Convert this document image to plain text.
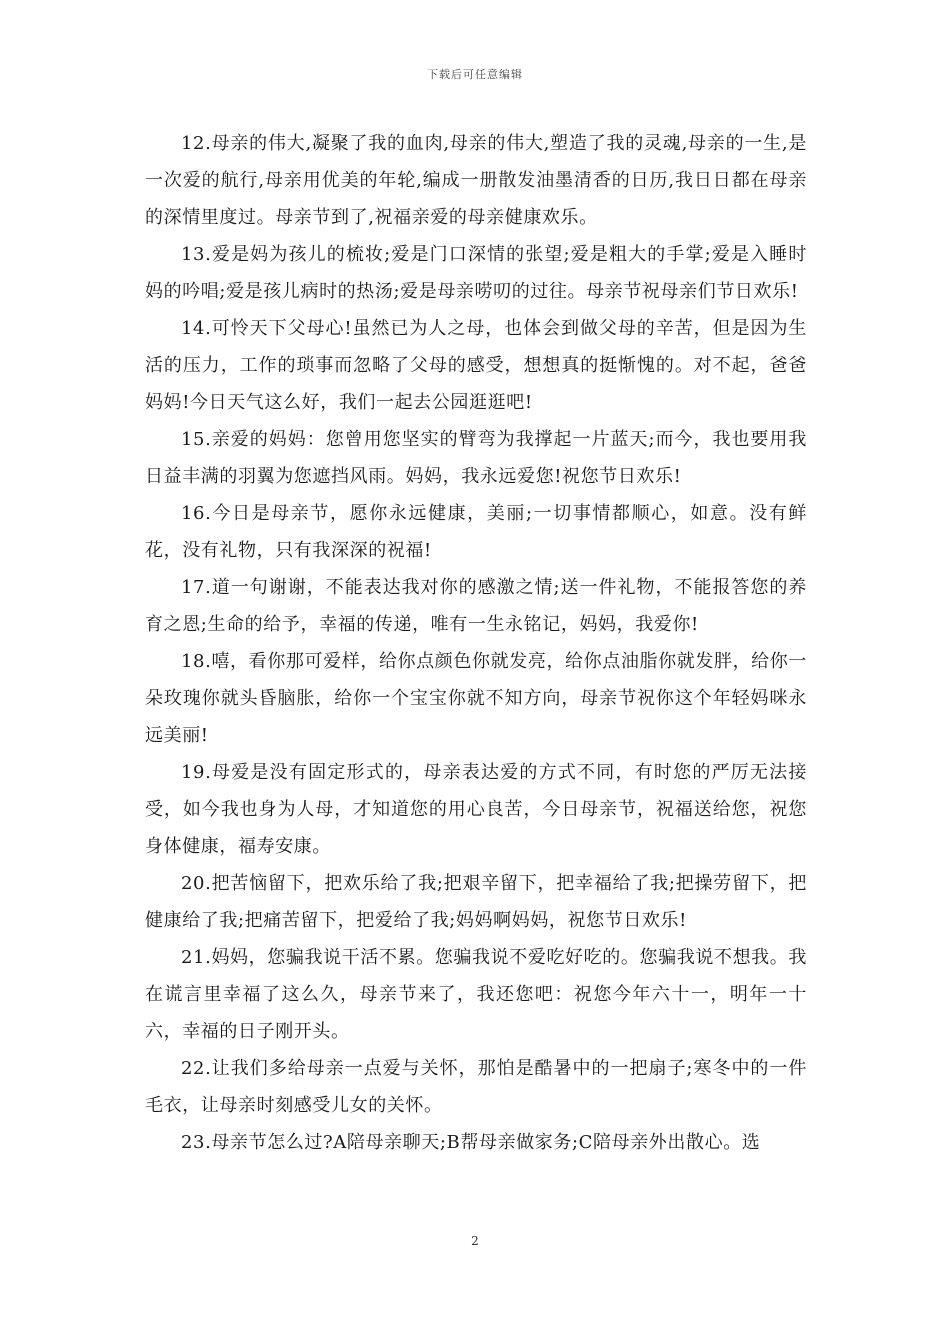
下载后可任意编辑

12.母亲的伟大,凝聚了我的血肉,母亲的伟大,塑造了我的灵魂,母亲的一生,是一次爱的航行,母亲用优美的年轮,编成一册散发油墨清香的日历,我日日都在母亲的深情里度过。母亲节到了,祝福亲爱的母亲健康欢乐。

13.爱是妈为孩儿的梳妆;爱是门口深情的张望;爱是粗大的手掌;爱是入睡时妈的吟唱;爱是孩儿病时的热汤;爱是母亲唠叨的过往。母亲节祝母亲们节日欢乐!

14.可怜天下父母心!虽然已为人之母，也体会到做父母的辛苦，但是因为生活的压力，工作的琐事而忽略了父母的感受，想想真的挺惭愧的。对不起，爸爸妈妈!今日天气这么好，我们一起去公园逛逛吧!

15.亲爱的妈妈：您曾用您坚实的臂弯为我撑起一片蓝天;而今，我也要用我日益丰满的羽翼为您遮挡风雨。妈妈，我永远爱您!祝您节日欢乐!

16.今日是母亲节，愿你永远健康，美丽;一切事情都顺心，如意。没有鲜花，没有礼物，只有我深深的祝福!

17.道一句谢谢，不能表达我对你的感激之情;送一件礼物，不能报答您的养育之恩;生命的给予，幸福的传递，唯有一生永铭记，妈妈，我爱你!

18.嘻，看你那可爱样，给你点颜色你就发亮，给你点油脂你就发胖，给你一朵玫瑰你就头昏脑胀，给你一个宝宝你就不知方向，母亲节祝你这个年轻妈咪永远美丽!

19.母爱是没有固定形式的，母亲表达爱的方式不同，有时您的严厉无法接受，如今我也身为人母，才知道您的用心良苦，今日母亲节，祝福送给您，祝您身体健康，福寿安康。

20.把苦恼留下，把欢乐给了我;把艰辛留下，把幸福给了我;把操劳留下，把健康给了我;把痛苦留下，把爱给了我;妈妈啊妈妈，祝您节日欢乐!

21.妈妈，您骗我说干活不累。您骗我说不爱吃好吃的。您骗我说不想我。我在谎言里幸福了这么久，母亲节来了，我还您吧：祝您今年六十一，明年一十六，幸福的日子刚开头。

22.让我们多给母亲一点爱与关怀，那怕是酷暑中的一把扇子;寒冬中的一件毛衣，让母亲时刻感受儿女的关怀。

23.母亲节怎么过?A陪母亲聊天;B帮母亲做家务;C陪母亲外出散心。选

2
